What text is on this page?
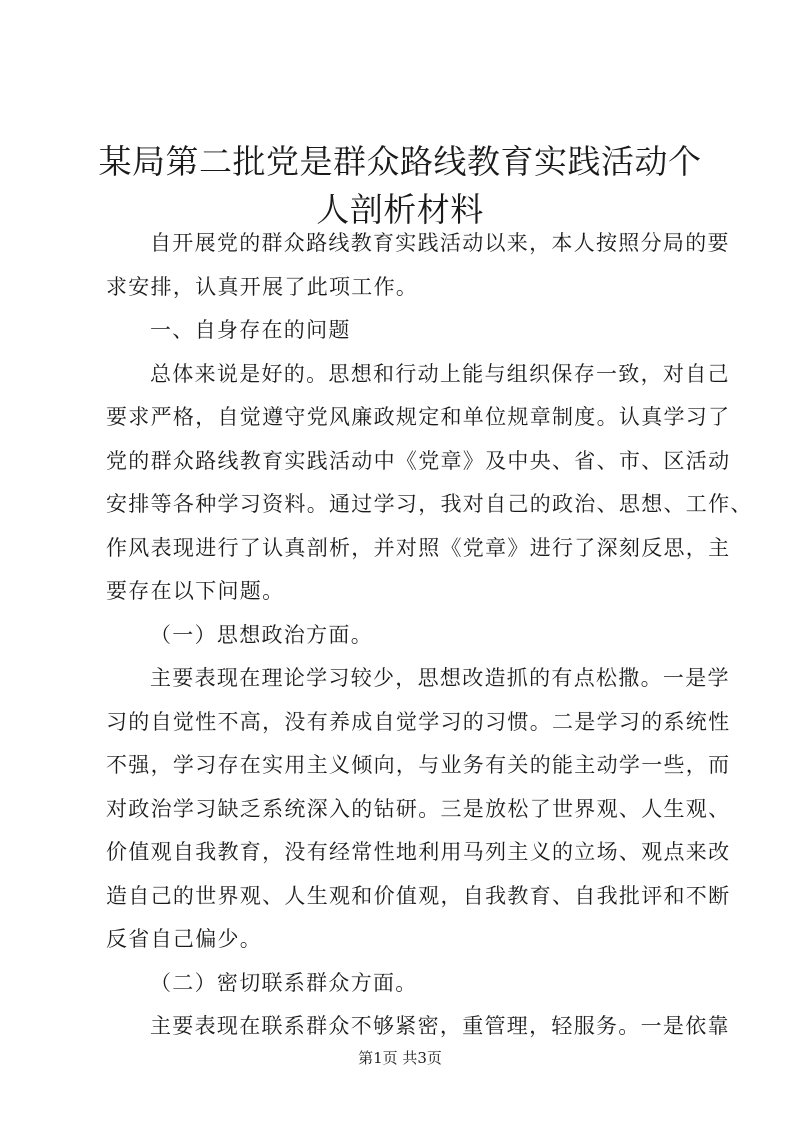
某局第二批党是群众路线教育实践活动个人剖析材料
自开展党的群众路线教育实践活动以来，本人按照分局的要
求安排，认真开展了此项工作。
一、自身存在的问题
总体来说是好的。思想和行动上能与组织保存一致，对自己
要求严格，自觉遵守党风廉政规定和单位规章制度。认真学习了
党的群众路线教育实践活动中《党章》及中央、省、市、区活动
安排等各种学习资料。通过学习，我对自己的政治、思想、工作、
作风表现进行了认真剖析，并对照《党章》进行了深刻反思，主
要存在以下问题。
（一）思想政治方面。
主要表现在理论学习较少，思想改造抓的有点松撒。一是学
习的自觉性不高，没有养成自觉学习的习惯。二是学习的系统性
不强，学习存在实用主义倾向，与业务有关的能主动学一些，而
对政治学习缺乏系统深入的钻研。三是放松了世界观、人生观、
价值观自我教育，没有经常性地利用马列主义的立场、观点来改
造自己的世界观、人生观和价值观，自我教育、自我批评和不断
反省自己偏少。
（二）密切联系群众方面。
主要表现在联系群众不够紧密，重管理，轻服务。一是依靠
第1页 共3页
